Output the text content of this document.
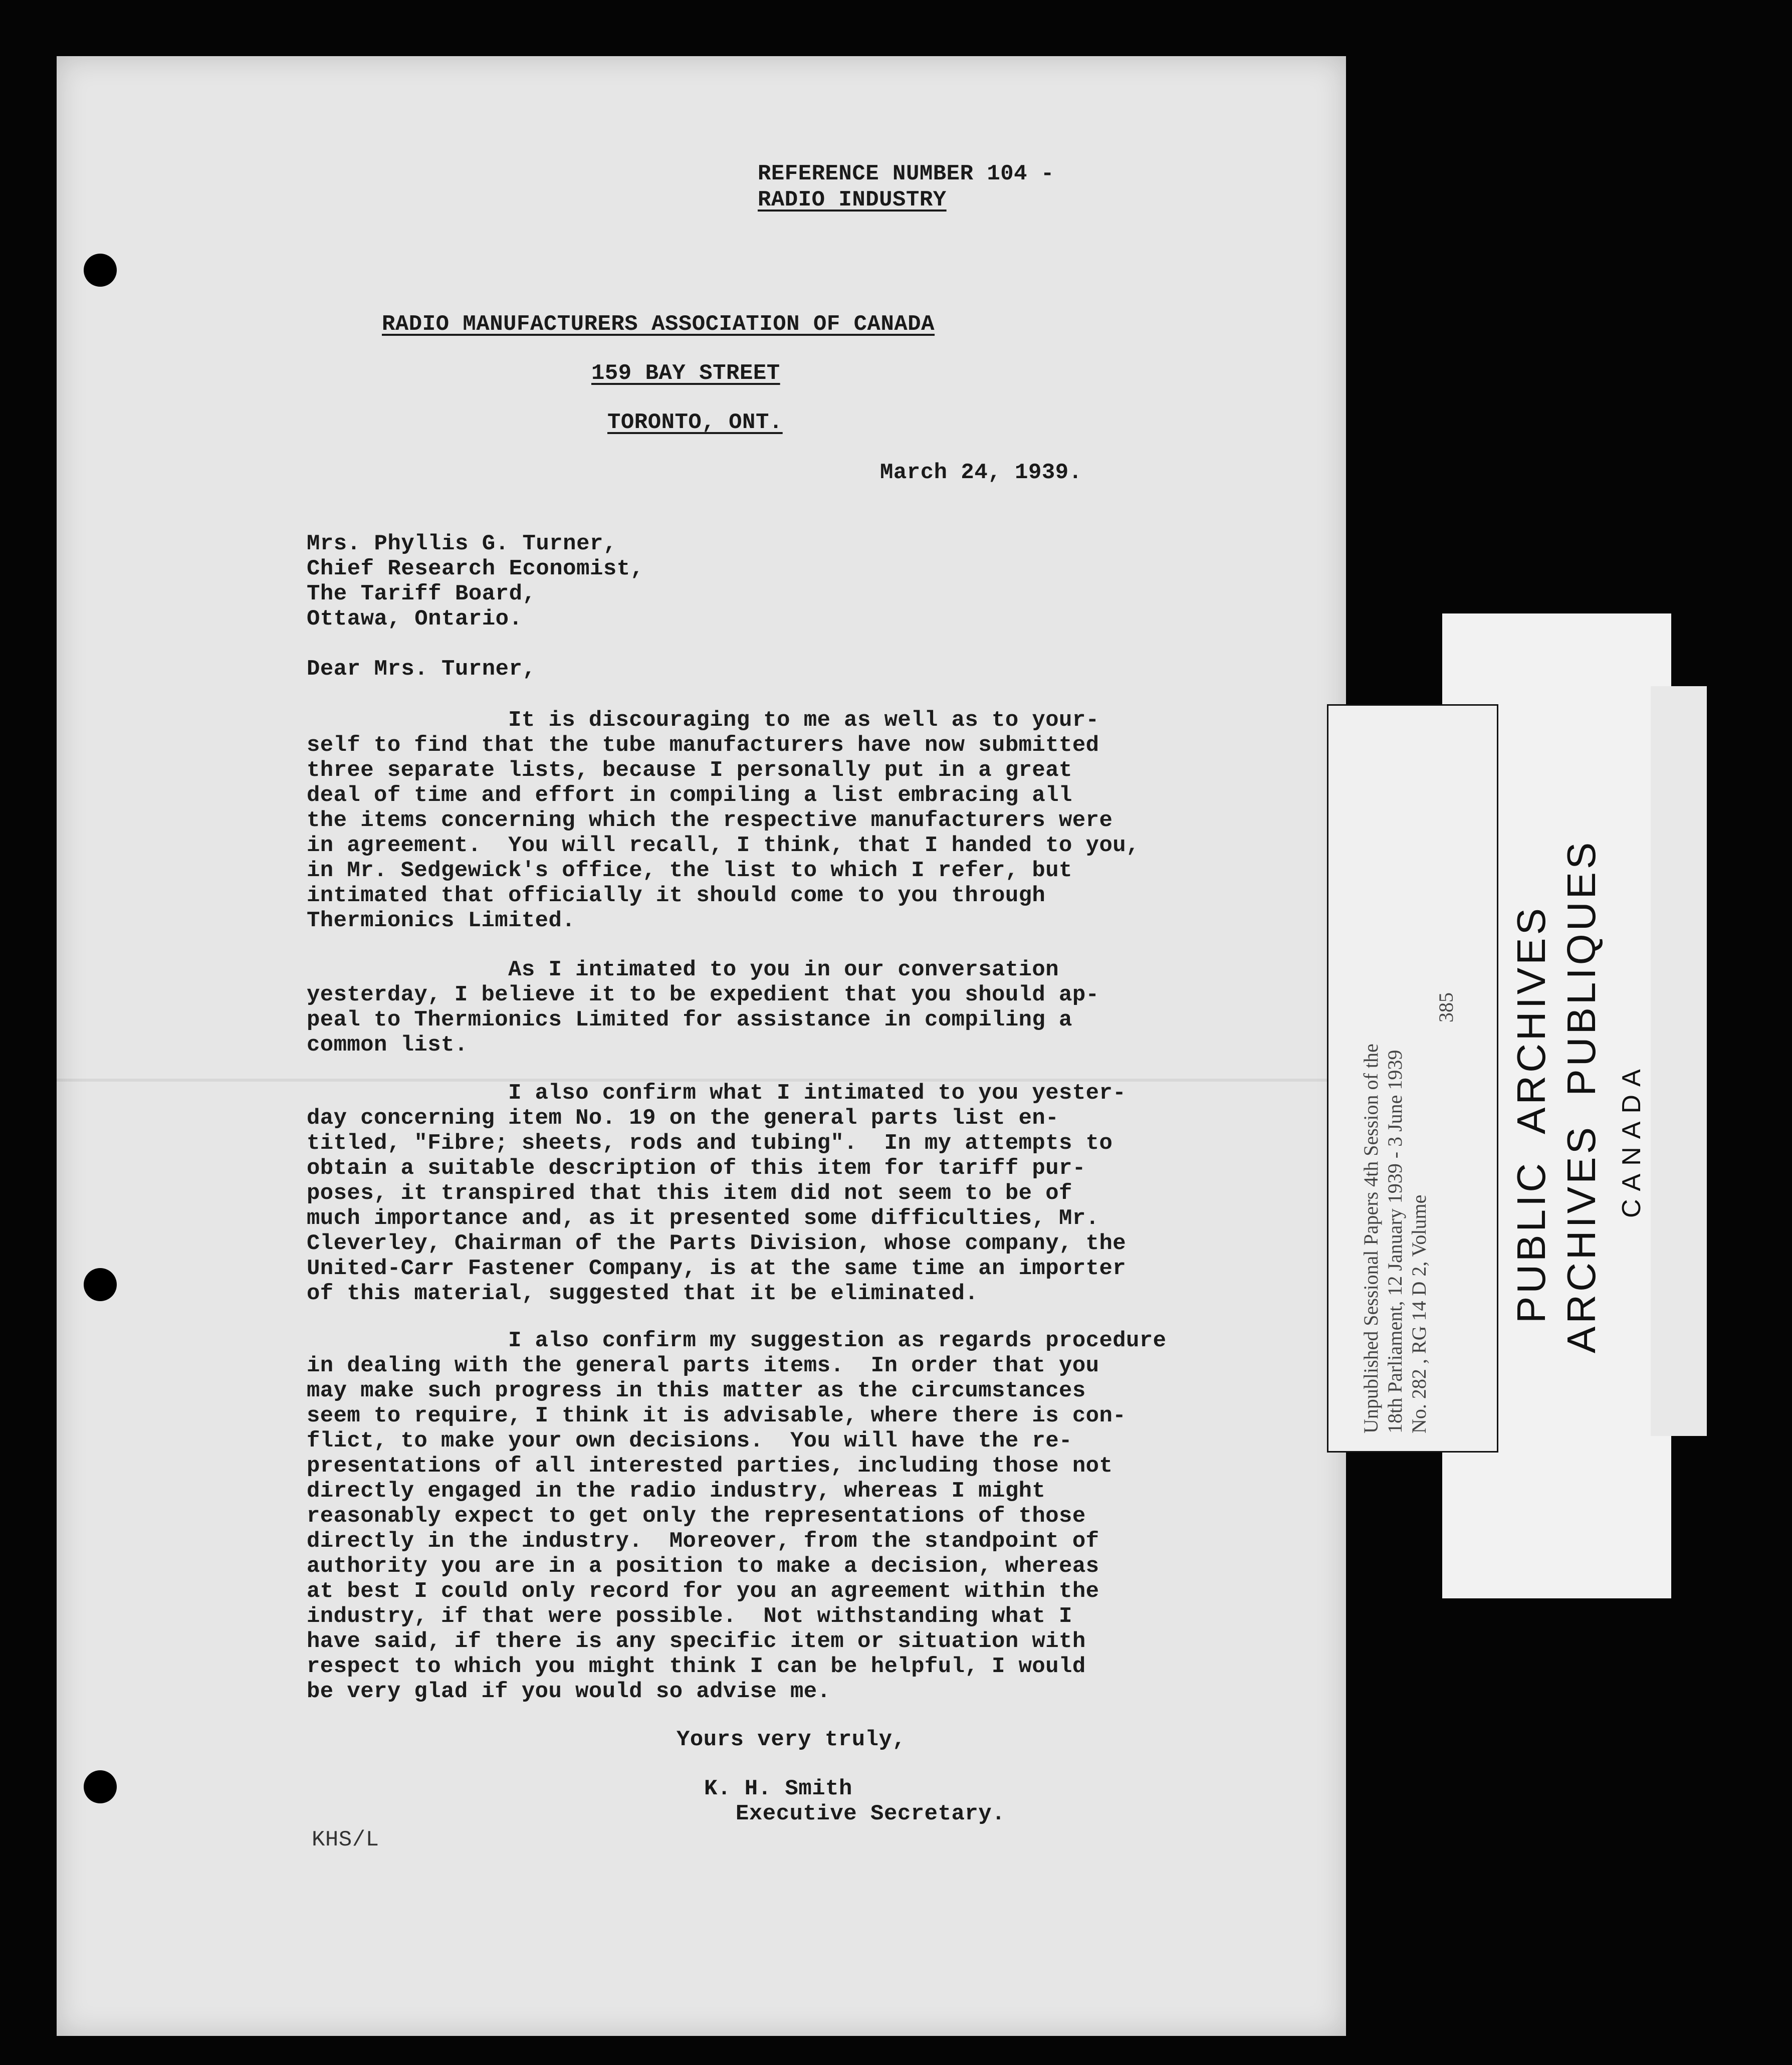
REFERENCE NUMBER 104 -
RADIO INDUSTRY
RADIO MANUFACTURERS ASSOCIATION OF CANADA
159 BAY STREET
TORONTO, ONT.
March 24, 1939.
Mrs. Phyllis G. Turner,
Chief Research Economist,
The Tariff Board,
Ottawa, Ontario.
Dear Mrs. Turner,
It is discouraging to me as well as to your-
self to find that the tube manufacturers have now submitted
three separate lists, because I personally put in a great
deal of time and effort in compiling a list embracing all
the items concerning which the respective manufacturers were
in agreement.  You will recall, I think, that I handed to you,
in Mr. Sedgewick's office, the list to which I refer, but
intimated that officially it should come to you through
Thermionics Limited.
As I intimated to you in our conversation
yesterday, I believe it to be expedient that you should ap-
peal to Thermionics Limited for assistance in compiling a
common list.
I also confirm what I intimated to you yester-
day concerning item No. 19 on the general parts list en-
titled, "Fibre; sheets, rods and tubing".  In my attempts to
obtain a suitable description of this item for tariff pur-
poses, it transpired that this item did not seem to be of
much importance and, as it presented some difficulties, Mr.
Cleverley, Chairman of the Parts Division, whose company, the
United-Carr Fastener Company, is at the same time an importer
of this material, suggested that it be eliminated.
I also confirm my suggestion as regards procedure
in dealing with the general parts items.  In order that you
may make such progress in this matter as the circumstances
seem to require, I think it is advisable, where there is con-
flict, to make your own decisions.  You will have the re-
presentations of all interested parties, including those not
directly engaged in the radio industry, whereas I might
reasonably expect to get only the representations of those
directly in the industry.  Moreover, from the standpoint of
authority you are in a position to make a decision, whereas
at best I could only record for you an agreement within the
industry, if that were possible.  Not withstanding what I
have said, if there is any specific item or situation with
respect to which you might think I can be helpful, I would
be very glad if you would so advise me.
Yours very truly,
K. H. Smith
Executive Secretary.
KHS/L
Unpublished Sessional Papers 4th Session of the 18th Parliament, 12 January 1939 - 3 June 1939 No. 282 , RG 14 D 2, Volume
385 PUBLIC  ARCHIVES ARCHIVES  PUBLIQUES CANADA
